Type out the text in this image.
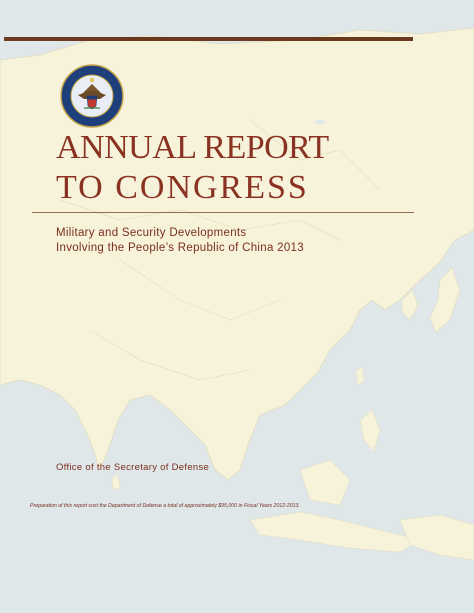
ANNUAL REPORT
TO CONGRESS
Military and Security Developments
Involving the People’s Republic of China 2013
Office of the Secretary of Defense
Preparation of this report cost the Department of Defense a total of approximately $95,000 in Fiscal Years 2012-2013.
